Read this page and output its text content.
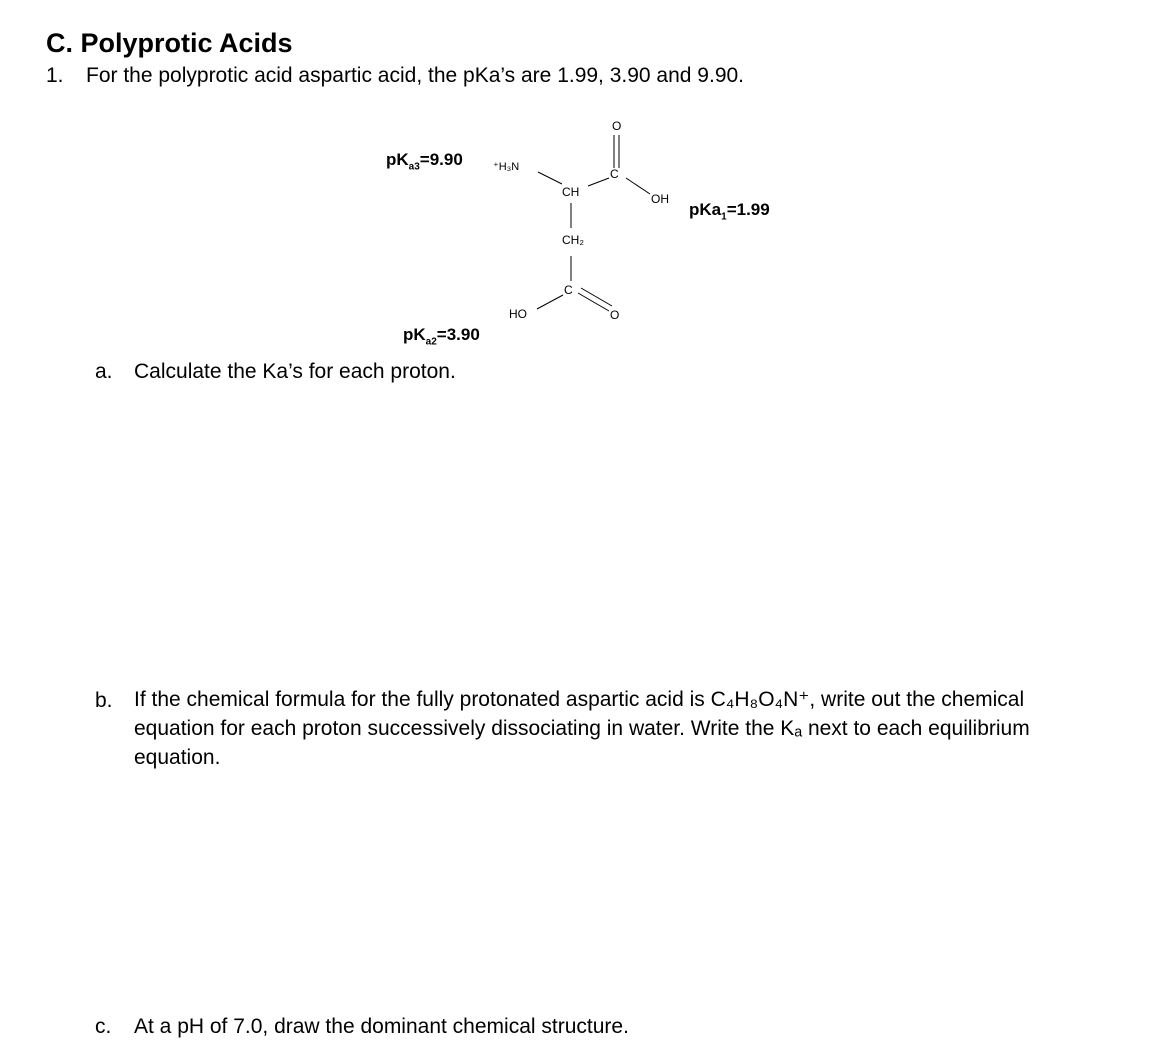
C. Polyprotic Acids
1. For the polyprotic acid aspartic acid, the pKa’s are 1.99, 3.90 and 9.90.
$pK_{a3}=9.90$
pKa$_1$=1.99
$pK_{a2}=3.90$
⁺H₃N
CH
C
O
OH
CH₂
C
HO	O
a. Calculate the Ka’s for each proton.
b. If the chemical formula for the fully protonated aspartic acid is C₄H₈O₄N⁺, write out the chemical equation for each proton successively dissociating in water. Write the Kₐ next to each equilibrium equation.
c. At a pH of 7.0, draw the dominant chemical structure.
